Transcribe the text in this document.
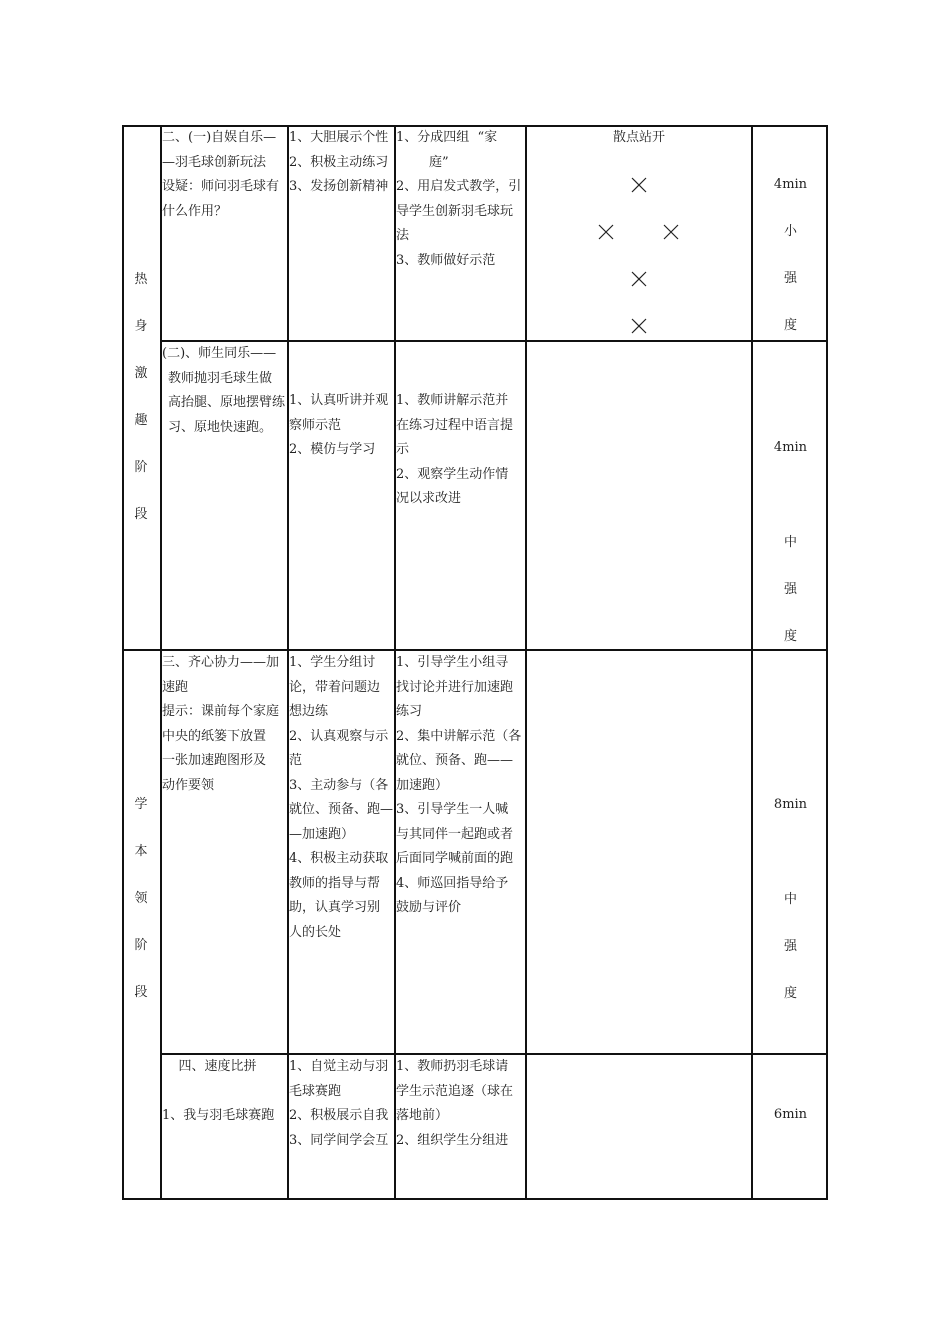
热
身
激
趣
阶
段
学
本
领
阶
段

二、(一)自娱自乐—

—羽毛球创新玩法

设疑：师问羽毛球有

什么作用？

1、大胆展示个性

2、积极主动练习

3、发扬创新精神

1、分成四组  “家

庭”

2、用启发式教学，引

导学生创新羽毛球玩

法

3、教师做好示范

散点站开

4min

小

强

度

(二)、师生同乐——

教师抛羽毛球生做

高抬腿、原地摆臂练

习、原地快速跑。

1、认真听讲并观

察师示范

2、模仿与学习

1、教师讲解示范并

在练习过程中语言提

示

2、观察学生动作情

况以求改进

4min

中

强

度

三、齐心协力——加

速跑

提示：课前每个家庭

中央的纸篓下放置

一张加速跑图形及

动作要领

1、学生分组讨

论，带着问题边

想边练

2、认真观察与示

范

3、主动参与（各

就位、预备、跑—

—加速跑）

4、积极主动获取

教师的指导与帮

助，认真学习别

人的长处

1、引导学生小组寻

找讨论并进行加速跑

练习

2、集中讲解示范（各

就位、预备、跑——

加速跑）

3、引导学生一人喊

与其同伴一起跑或者

后面同学喊前面的跑

4、师巡回指导给予

鼓励与评价

8min

中

强

度

四、速度比拼

1、我与羽毛球赛跑

1、自觉主动与羽

毛球赛跑

2、积极展示自我

3、同学间学会互

1、教师扔羽毛球请

学生示范追逐（球在

落地前）

2、组织学生分组进

6min
